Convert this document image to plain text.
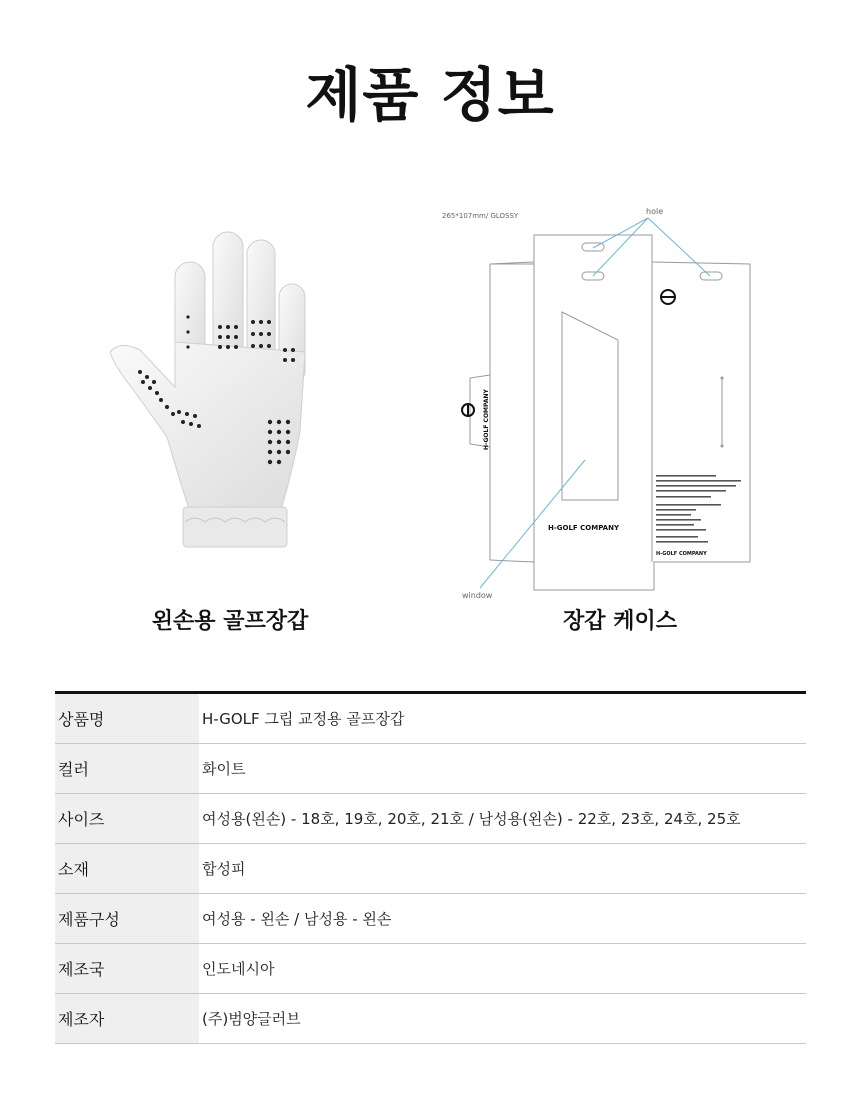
제품 정보
265*107mm/ GLOSSY	hole
window
H-GOLF COMPANY
H-GOLF COMPANY
H-GOLF COMPANY
왼손용 골프장갑	장갑 케이스
상품명	H-GOLF 그립 교정용 골프장갑
컬러	화이트
사이즈	여성용(왼손) - 18호, 19호, 20호, 21호 / 남성용(왼손) - 22호, 23호, 24호, 25호
소재	합성피
제품구성	여성용 - 왼손 / 남성용 - 왼손
제조국	인도네시아
제조자	(주)범양글러브
